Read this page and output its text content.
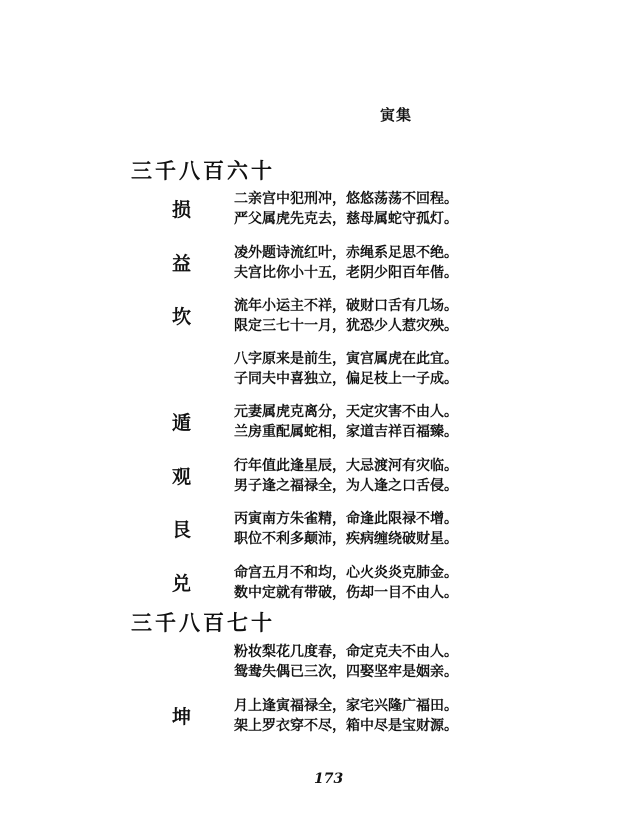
寅集
三千八百六十
损	二亲宫中犯刑冲，悠悠荡荡不回程。
严父属虎先克去，慈母属蛇守孤灯。
益	凌外题诗流红叶，赤绳系足思不绝。
夫宫比你小十五，老阴少阳百年偕。
坎	流年小运主不祥，破财口舌有几场。
限定三七十一月，犹恐少人惹灾殃。
八字原来是前生，寅宫属虎在此宜。
子同夫中喜独立，偏足枝上一子成。
遁	元妻属虎克离分，天定灾害不由人。
兰房重配属蛇相，家道吉祥百福臻。
观	行年值此逢星辰，大忌渡河有灾临。
男子逢之福禄全，为人逢之口舌侵。
艮	丙寅南方朱雀精，命逢此限禄不增。
职位不利多颠沛，疾病缠绕破财星。
兑	命宫五月不和均，心火炎炎克肺金。
数中定就有带破，伤却一目不由人。
三千八百七十
粉妆梨花几度春，命定克夫不由人。
鸳鸯失偶已三次，四娶坚牢是姻亲。
坤	月上逢寅福禄全，家宅兴隆广福田。
架上罗衣穿不尽，箱中尽是宝财源。
173
